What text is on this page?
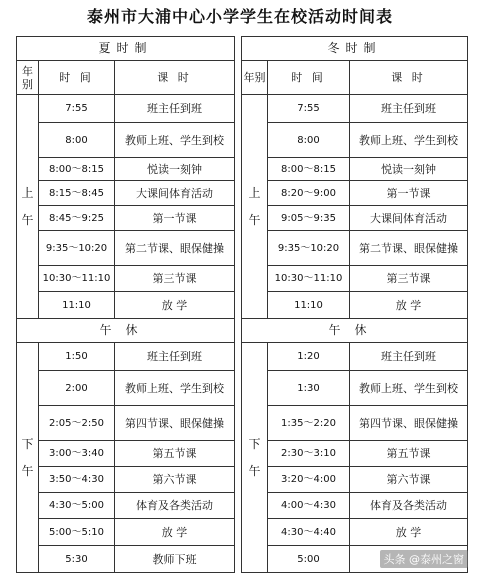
泰州市大浦中心小学学生在校活动时间表
夏时制		
年别	时 间	课 时

上
午	7:55	班主任到班
	8:00	教师上班、学生到校
	8:00～8:15	悦读一刻钟
	8:15～8:45	大课间体育活动
	8:45～9:25	第一节课
	9:35～10:20	第二节课、眼保健操
	10:30～11:10	第三节课
	11:10	放 学
午休		

下
午	1:50	班主任到班
	2:00	教师上班、学生到校
	2:05～2:50	第四节课、眼保健操
	3:00～3:40	第五节课
	3:50～4:30	第六节课
	4:30～5:00	体育及各类活动
	5:00～5:10	放 学
	5:30	教师下班
冬时制		
年别	时 间	课 时

上
午	7:55	班主任到班
	8:00	教师上班、学生到校
	8:00～8:15	悦读一刻钟
	8:20～9:00	第一节课
	9:05～9:35	大课间体育活动
	9:35～10:20	第二节课、眼保健操
	10:30～11:10	第三节课
	11:10	放 学
午休		

下
午	1:20	班主任到班
	1:30	教师上班、学生到校
	1:35～2:20	第四节课、眼保健操
	2:30～3:10	第五节课
	3:20～4:00	第六节课
	4:00～4:30	体育及各类活动
	4:30～4:40	放 学
	5:00		头条 @泰州之窗
